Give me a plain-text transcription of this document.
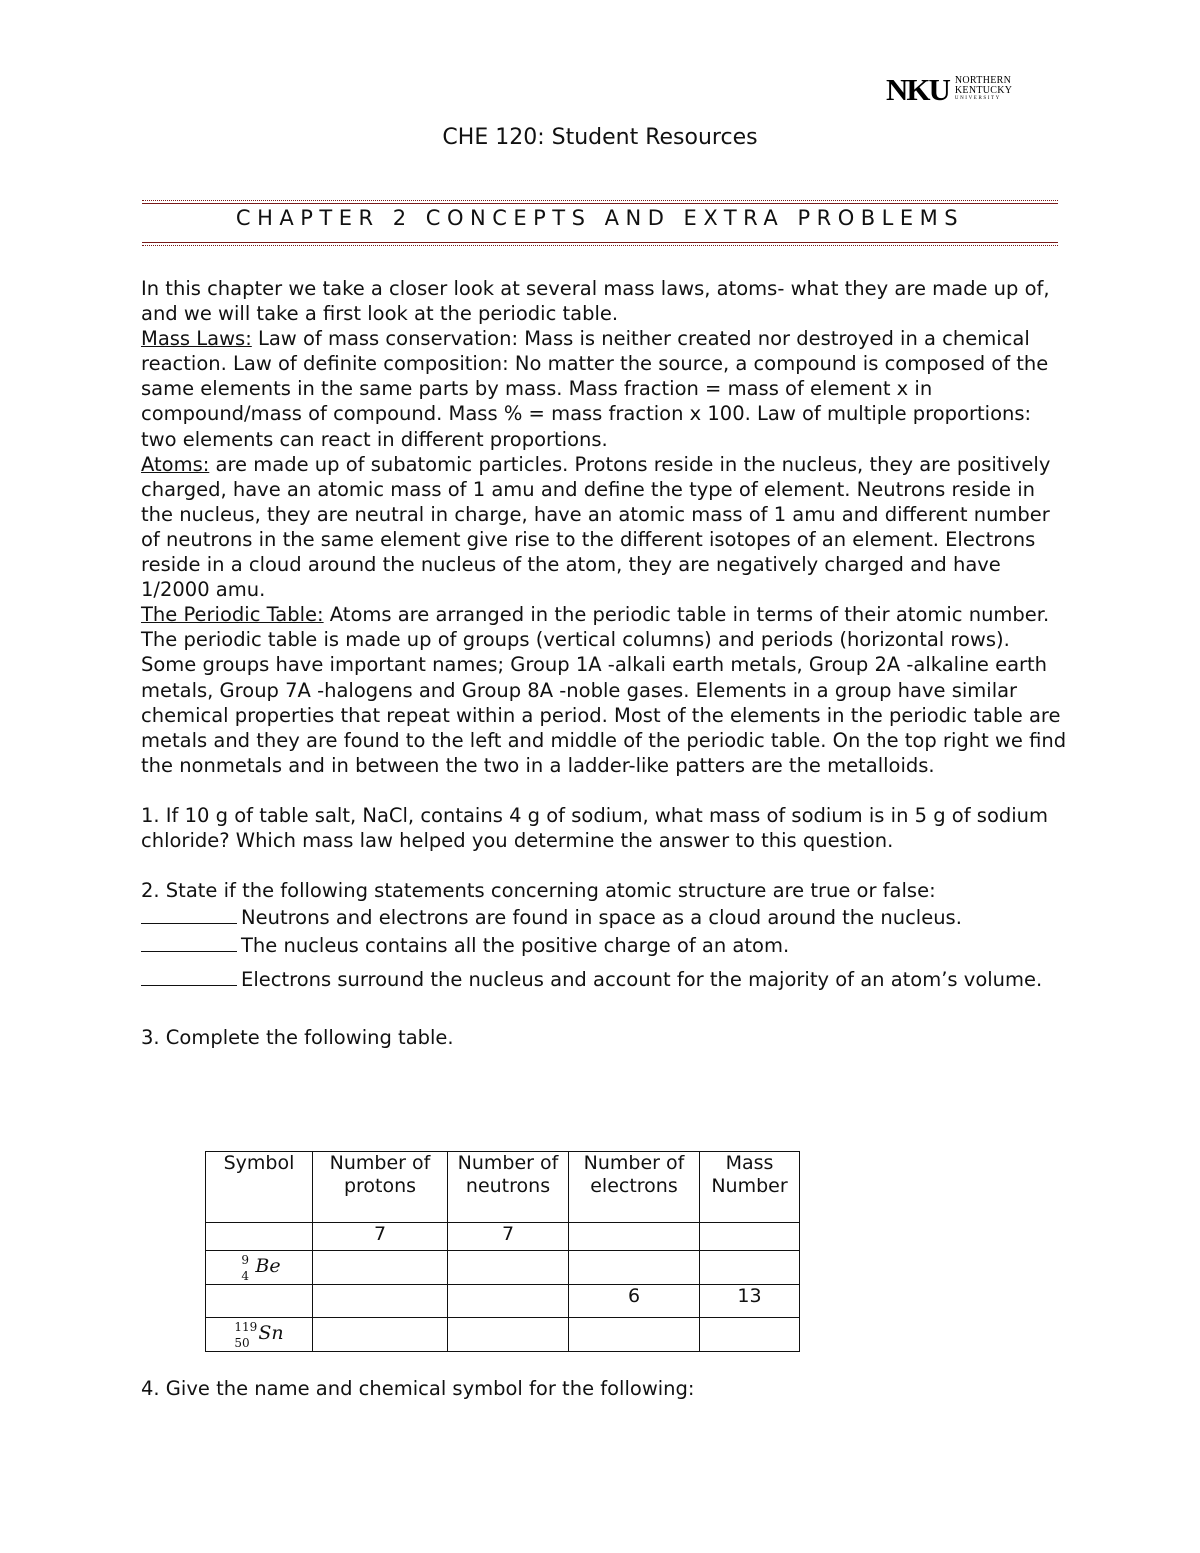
NKU NORTHERN
KENTUCKY
UNIVERSITY
CHE 120: Student Resources
CHAPTER 2 CONCEPTS AND EXTRA PROBLEMS

In this chapter we take a closer look at several mass laws, atoms- what they are made up of, and we will take a first look at the periodic table.

Mass Laws: Law of mass conservation: Mass is neither created nor destroyed in a chemical reaction. Law of definite composition: No matter the source, a compound is composed of the same elements in the same parts by mass. Mass fraction = mass of element x in compound/mass of compound. Mass % = mass fraction x 100. Law of multiple proportions: two elements can react in different proportions.

Atoms: are made up of subatomic particles. Protons reside in the nucleus, they are positively charged, have an atomic mass of 1 amu and define the type of element. Neutrons reside in the nucleus, they are neutral in charge, have an atomic mass of 1 amu and different number of neutrons in the same element give rise to the different isotopes of an element. Electrons reside in a cloud around the nucleus of the atom, they are negatively charged and have 1/2000 amu.

The Periodic Table: Atoms are arranged in the periodic table in terms of their atomic number. The periodic table is made up of groups (vertical columns) and periods (horizontal rows). Some groups have important names; Group 1A -alkali earth metals, Group 2A -alkaline earth metals, Group 7A -halogens and Group 8A -noble gases. Elements in a group have similar chemical properties that repeat within a period. Most of the elements in the periodic table are metals and they are found to the left and middle of the periodic table. On the top right we find the nonmetals and in between the two in a ladder-like patters are the metalloids.

1. If 10 g of table salt, NaCl, contains 4 g of sodium, what mass of sodium is in 5 g of sodium chloride? Which mass law helped you determine the answer to this question.

2. State if the following statements concerning atomic structure are true or false:

Neutrons and electrons are found in space as a cloud around the nucleus.

The nucleus contains all the positive charge of an atom.

Electrons surround the nucleus and account for the majority of an atom’s volume.

3. Complete the following table.

Symbol	Number of protons	Number of neutrons	Number of electrons	Mass Number
	7	7		

9
4 Be				
			6	13

119
50 Sn				

4. Give the name and chemical symbol for the following:
